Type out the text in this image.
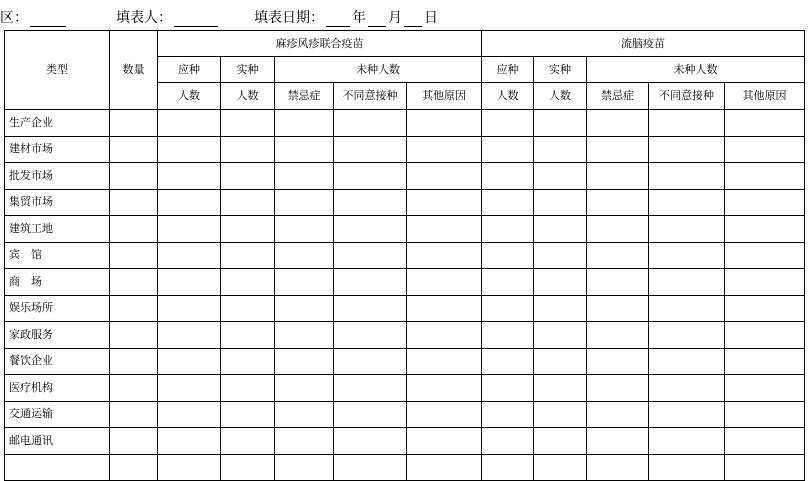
区：	填表人：	填表日期： 年 月 日
类型	数量	麻疹风疹联合疫苗					流脑疫苗				
		应种	实种	未种人数			应种	实种	未种人数		
		人数	人数	禁忌症	不同意接种	其他原因	人数	人数	禁忌症	不同意接种	其他原因
生产企业											
建材市场											
批发市场											
集贸市场											
建筑工地											
宾　馆											
商　场											
娱乐场所											
家政服务											
餐饮企业											
医疗机构											
交通运输											
邮电通讯											
